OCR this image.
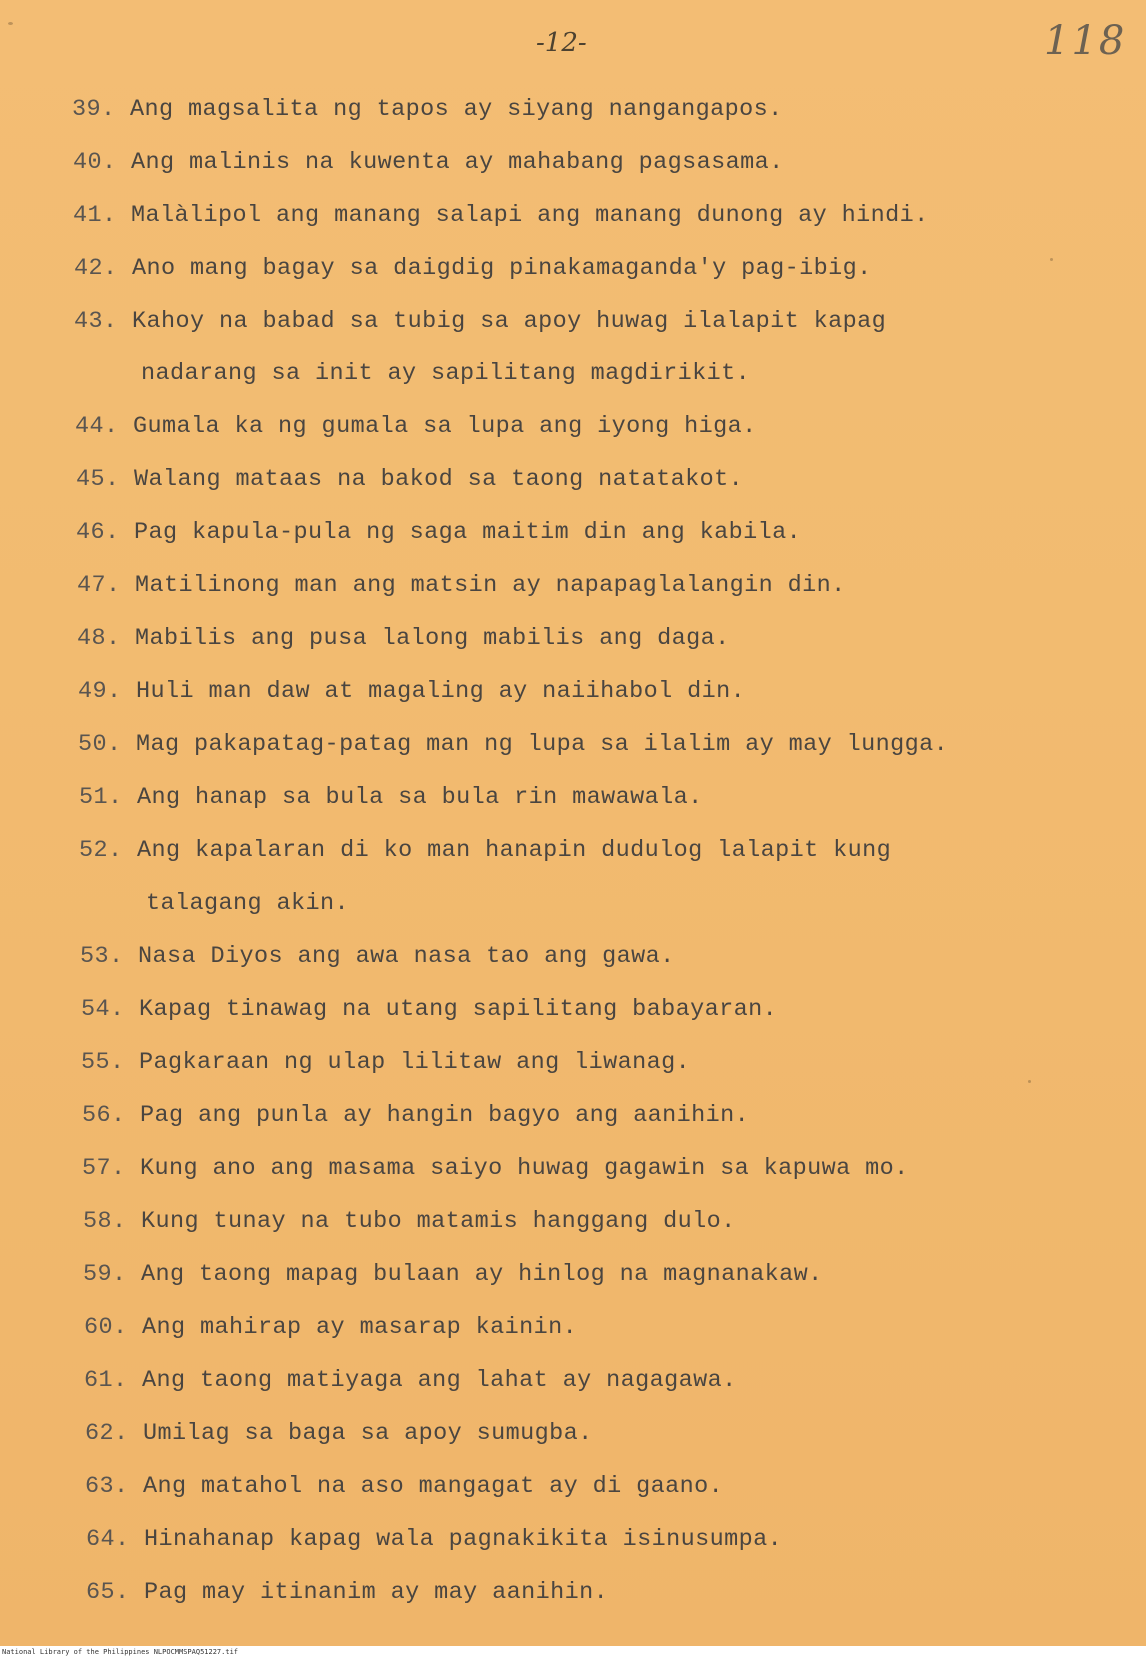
-12-	118
39. Ang magsalita ng tapos ay siyang nangangapos.
40. Ang malinis na kuwenta ay mahabang pagsasama.
41. Malàlipol ang manang salapi ang manang dunong ay hindi.
42. Ano mang bagay sa daigdig pinakamaganda'y pag-ibig.
43. Kahoy na babad sa tubig sa apoy huwag ilalapit kapag
nadarang sa init ay sapilitang magdirikit.
44. Gumala ka ng gumala sa lupa ang iyong higa.
45. Walang mataas na bakod sa taong natatakot.
46. Pag kapula-pula ng saga maitim din ang kabila.
47. Matilinong man ang matsin ay napapaglalangin din.
48. Mabilis ang pusa lalong mabilis ang daga.
49. Huli man daw at magaling ay naiihabol din.
50. Mag pakapatag-patag man ng lupa sa ilalim ay may lungga.
51. Ang hanap sa bula sa bula rin mawawala.
52. Ang kapalaran di ko man hanapin dudulog lalapit kung
talagang akin.
53. Nasa Diyos ang awa nasa tao ang gawa.
54. Kapag tinawag na utang sapilitang babayaran.
55. Pagkaraan ng ulap lilitaw ang liwanag.
56. Pag ang punla ay hangin bagyo ang aanihin.
57. Kung ano ang masama saiyo huwag gagawin sa kapuwa mo.
58. Kung tunay na tubo matamis hanggang dulo.
59. Ang taong mapag bulaan ay hinlog na magnanakaw.
60. Ang mahirap ay masarap kainin.
61. Ang taong matiyaga ang lahat ay nagagawa.
62. Umilag sa baga sa apoy sumugba.
63. Ang matahol na aso mangagat ay di gaano.
64. Hinahanap kapag wala pagnakikita isinusumpa.
65. Pag may itinanim ay may aanihin.
National Library of the Philippines NLPOCMMSPAQ51227.tif
